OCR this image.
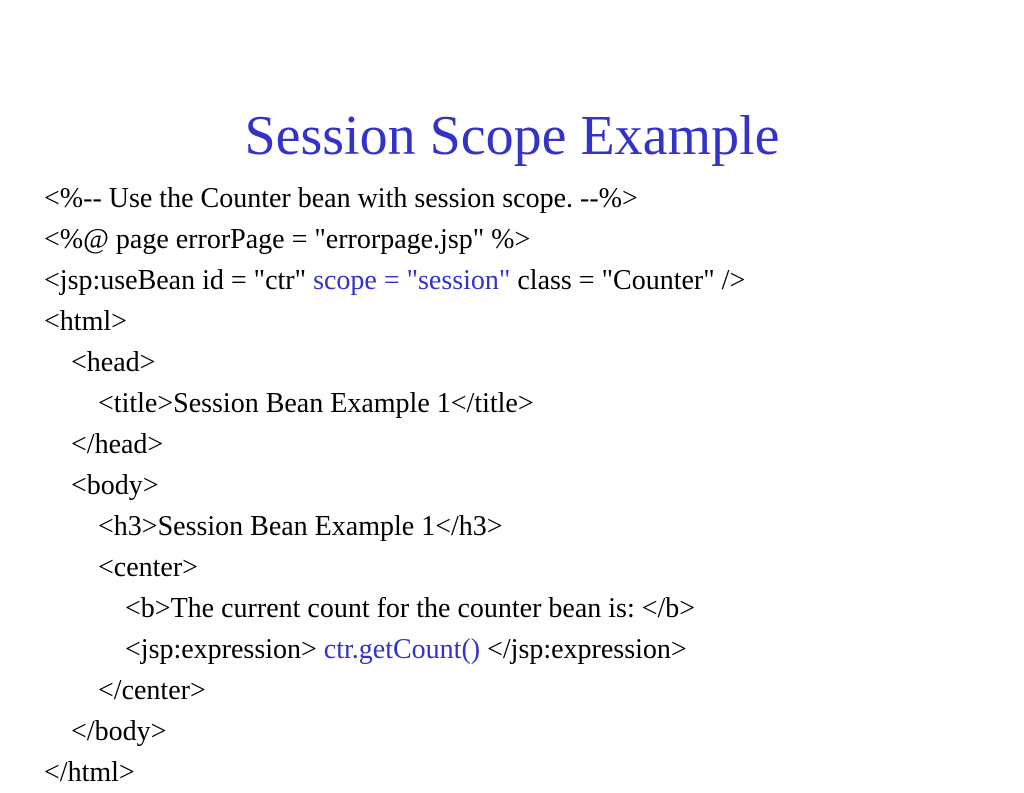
Session Scope Example
<%-- Use the Counter bean with session scope. --%>
<%@ page errorPage = "errorpage.jsp" %>
<jsp:useBean id = "ctr" scope = "session" class = "Counter" />
<html>
<head>
<title>Session Bean Example 1</title>
</head>
<body>
<h3>Session Bean Example 1</h3>
<center>
<b>The current count for the counter bean is: </b>
<jsp:expression> ctr.getCount() </jsp:expression>
</center>
</body>
</html>
